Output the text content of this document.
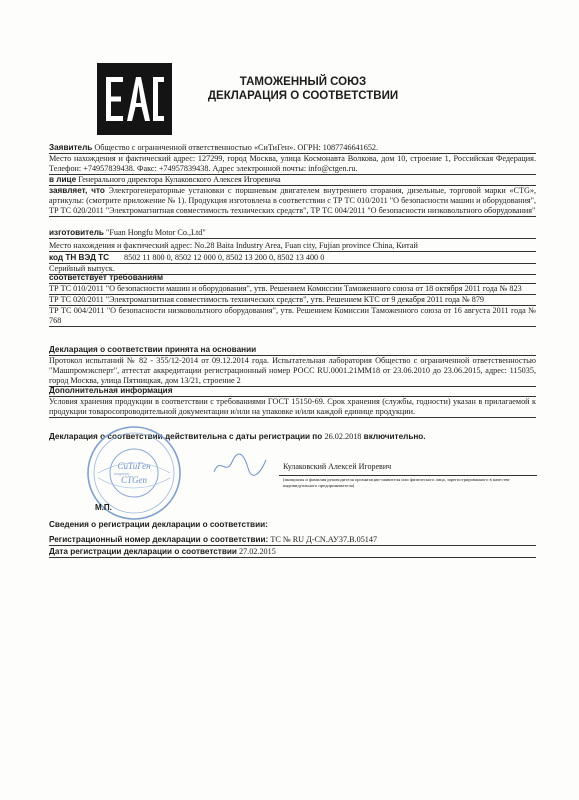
ТАМОЖЕННЫЙ СОЮЗ
ДЕКЛАРАЦИЯ О СООТВЕТСТВИИ
Заявитель Общество с ограниченной ответственностью «СиТиГен». ОГРН: 1087746641652.
Место нахождения и фактический адрес: 127299, город Москва, улица Космонавта Волкова, дом 10, строение 1, Российская Федерация. Телефон: +74957839438. Факс: +74957839438. Адрес электронной почты: info@ctgen.ru.
в лице Генерального директора Кулаковского Алексея Игоревича
заявляет, что Электрогенераторные установки с поршневым двигателем внутреннего сгорания, дизельные, торговой марки «CTG», артикулы: (смотрите приложение № 1). Продукция изготовлена в соответствии с ТР ТС 010/2011 "О безопасности машин и оборудования", ТР ТС 020/2011 "Электромагнитная совместимость технических средств", ТР ТС 004/2011 "О безопасности низковольтного оборудования"
изготовитель "Fuan Hongfu Motor Co.,Ltd"
Место нахождения и фактический адрес: No.28 Baita Industry Area, Fuan city, Fujian province China, Китай
код ТН ВЭД ТС	8502 11 800 0, 8502 12 000 0, 8502 13 200 0, 8502 13 400 0
Серийный выпуск.
соответствует требованиям
ТР ТС 010/2011 "О безопасности машин и оборудования", утв. Решением Комиссии Таможенного союза от 18 октября 2011 года № 823
ТР ТС 020/2011 "Электромагнитная совместимость технических средств", утв. Решением КТС от 9 декабря 2011 года № 879
ТР ТС 004/2011 "О безопасности низковольтного оборудования", утв. Решением Комиссии Таможенного союза от 16 августа 2011 года № 768
Декларация о соответствии принята на основании
Протокол испытаний № 82 - 355/12-2014 от 09.12.2014 года. Испытательная лаборатория Общество с ограниченной ответственностью "Машпромэксперт", аттестат аккредитации регистрационный номер РОСС RU.0001.21ММ18 от 23.06.2010 до 23.06.2015, адрес: 115035, город Москва, улица Пятницкая, дом 13/21, строение 2
Дополнительная информация
Условия хранения продукции в соответствии с требованиями ГОСТ 15150-69. Срок хранения (службы, годности) указан в прилагаемой к продукции товаросопроводительной документации и/или на упаковке и/или каждой единице продукции.
Декларация о соответствии действительна с даты регистрации по 26.02.2018 включительно.
СиТиГен
CTGen
(подпись)
Кулаковский Алексей Игоревич
(инициалы и фамилия руководителя организации-заявителя или физического лица, зарегистрированного в качестве индивидуального предпринимателя)
М.П.
Сведения о регистрации декларации о соответствии:
Регистрационный номер декларации о соответствии: ТС № RU Д-CN.АУ37.В.05147
Дата регистрации декларации о соответствии 27.02.2015
